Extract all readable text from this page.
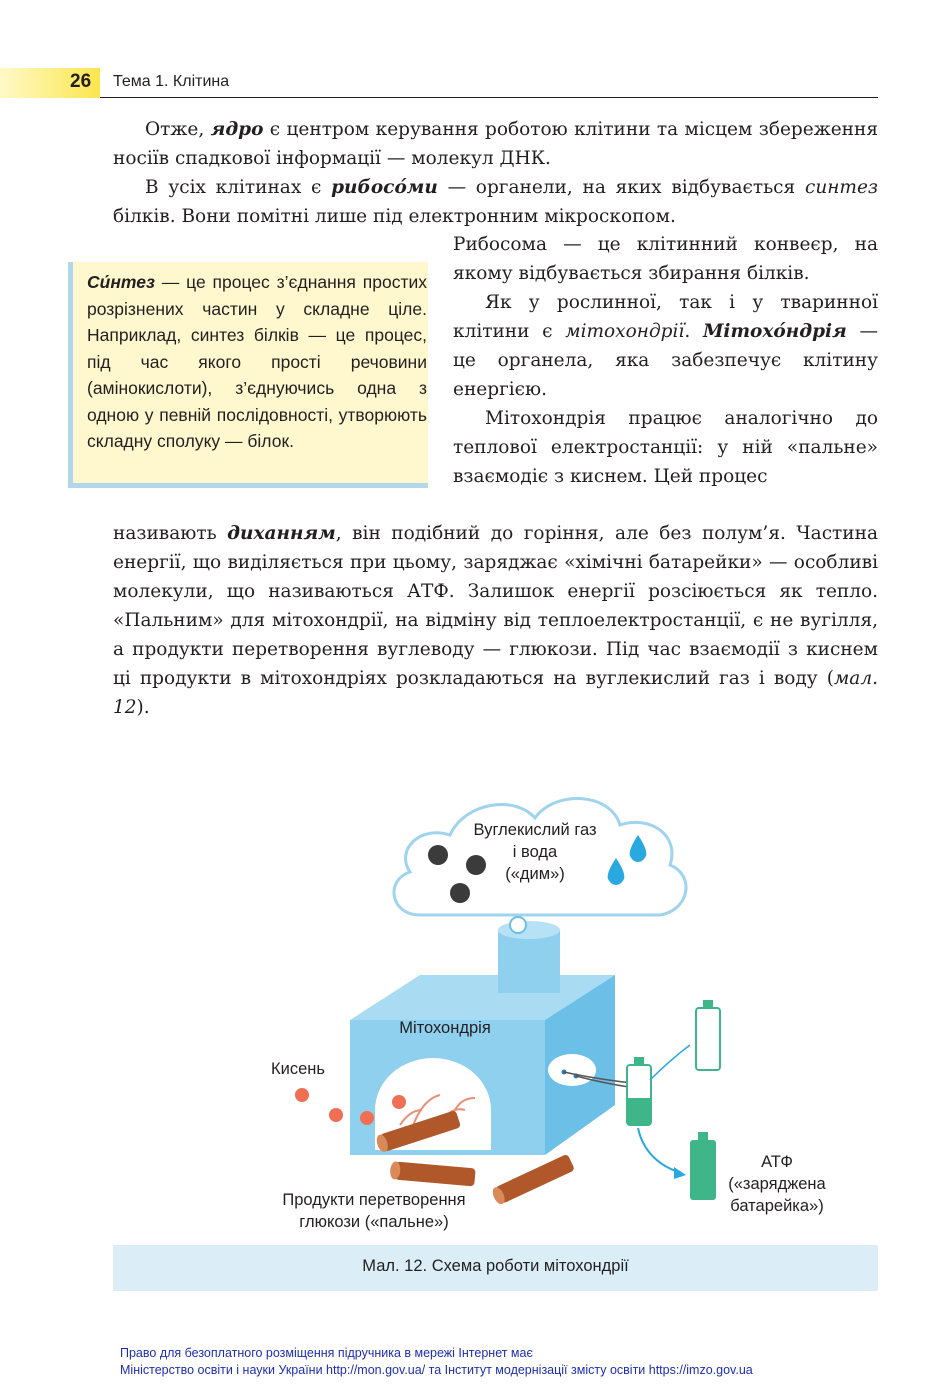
26 Тема 1. Клітина

Отже, ядро є центром керування роботою клітини та місцем збереження носіїв спадкової інформації — молекул ДНК.

В усіх клітинах є рибосо́ми — органели, на яких відбувається синтез білків. Вони помітні лише під електронним мікроскопом.

Рибосома — це клітинний конвеєр, на якому відбувається збирання білків.

Як у рослинної, так і у тваринної клітини є мітохондрії. Мітохо́ндрія — це органела, яка забезпечує клітину енергією.

Мітохондрія працює аналогічно до теплової електростанції: у ній «пальне» взаємодіє з киснем. Цей процес

називають диханням, він подібний до горіння, але без полум’я. Частина енергії, що виділяється при цьому, заряджає «хімічні батарейки» — особливі молекули, що називаються АТФ. Залишок енергії розсіюється як тепло. «Пальним» для мітохондрії, на відміну від теплоелектростанції, є не вугілля, а продукти перетворення вуглеводу — глюкози. Під час взаємодії з киснем ці продукти в мітохондріях розкладаються на вуглекислий газ і воду (мал. 12).

Си́нтез — це процес з’єднання простих розрізнених частин у складне ціле. Наприклад, синтез білків — це процес, під час якого прості речовини (амінокислоти), з’єднуючись одна з одною у певній послідовності, утворюють складну сполуку — білок.
Вуглекислий газ
і вода
(«дим»)
Мітохондрія
Кисень
Продукти перетворення
глюкози («пальне»)
АТФ
(«заряджена
батарейка»)
Мал. 12. Схема роботи мітохондрії
Право для безоплатного розміщення підручника в мережі Інтернет має
Міністерство освіти і науки України http://mon.gov.ua/ та Інститут модернізації змісту освіти https://imzo.gov.ua
